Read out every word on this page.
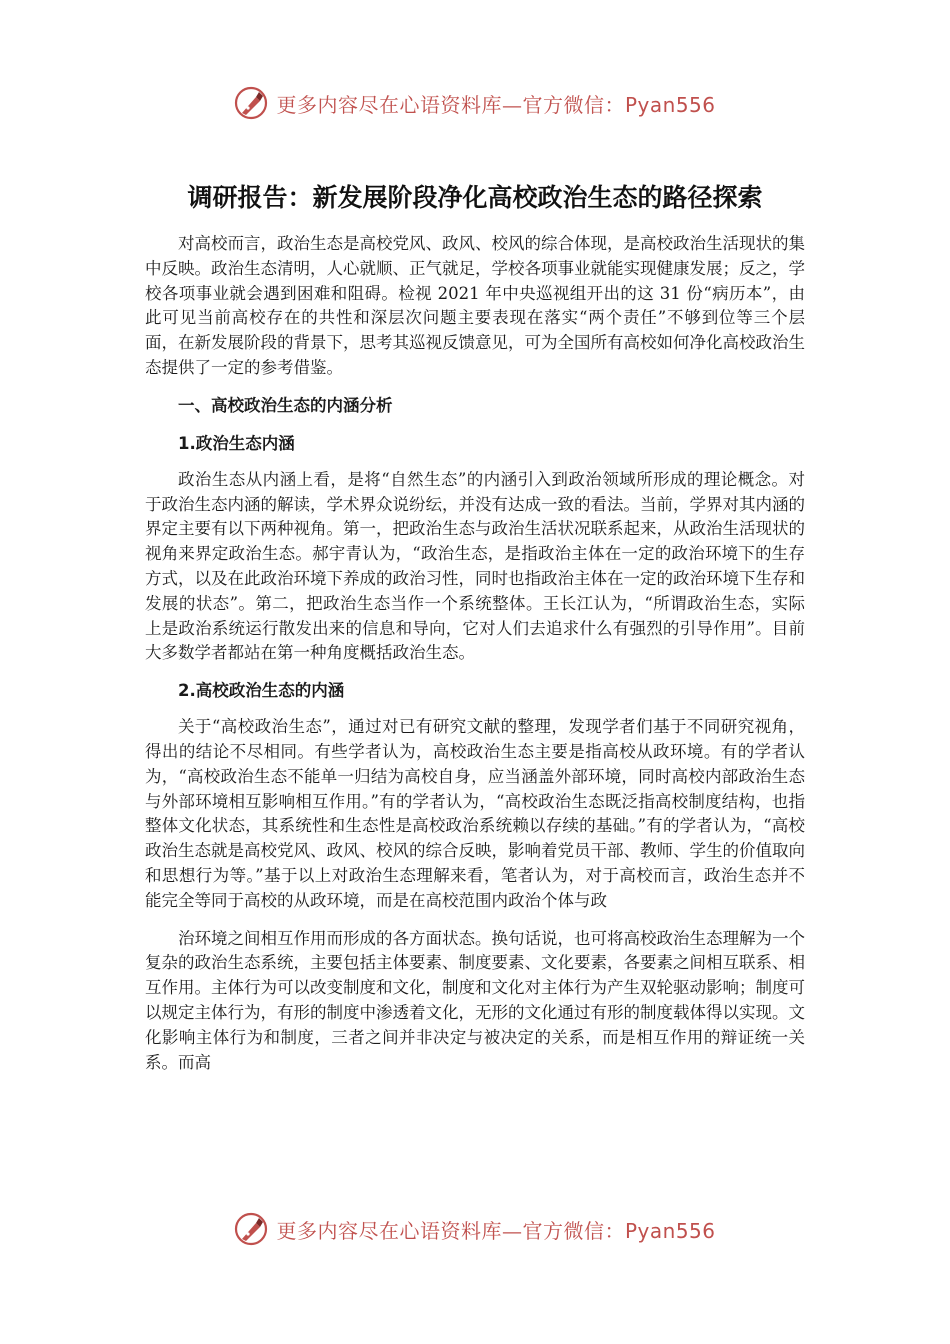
更多内容尽在心语资料库—官方微信：Pyan556
调研报告：新发展阶段净化高校政治生态的路径探索

对高校而言，政治生态是高校党风、政风、校风的综合体现，是高校政治生活现状的集中反映。政治生态清明，人心就顺、正气就足，学校各项事业就能实现健康发展；反之，学校各项事业就会遇到困难和阻碍。检视 2021 年中央巡视组开出的这 31 份“病历本”，由此可见当前高校存在的共性和深层次问题主要表现在落实“两个责任”不够到位等三个层面，在新发展阶段的背景下，思考其巡视反馈意见，可为全国所有高校如何净化高校政治生态提供了一定的参考借鉴。

一、高校政治生态的内涵分析

1.政治生态内涵

政治生态从内涵上看，是将“自然生态”的内涵引入到政治领域所形成的理论概念。对于政治生态内涵的解读，学术界众说纷纭，并没有达成一致的看法。当前，学界对其内涵的界定主要有以下两种视角。第一，把政治生态与政治生活状况联系起来，从政治生活现状的视角来界定政治生态。郝宇青认为，“政治生态，是指政治主体在一定的政治环境下的生存方式，以及在此政治环境下养成的政治习性，同时也指政治主体在一定的政治环境下生存和发展的状态”。第二，把政治生态当作一个系统整体。王长江认为，“所谓政治生态，实际上是政治系统运行散发出来的信息和导向，它对人们去追求什么有强烈的引导作用”。目前大多数学者都站在第一种角度概括政治生态。

2.高校政治生态的内涵

关于“高校政治生态”，通过对已有研究文献的整理，发现学者们基于不同研究视角，得出的结论不尽相同。有些学者认为，高校政治生态主要是指高校从政环境。有的学者认为，“高校政治生态不能单一归结为高校自身，应当涵盖外部环境，同时高校内部政治生态与外部环境相互影响相互作用。”有的学者认为，“高校政治生态既泛指高校制度结构，也指整体文化状态，其系统性和生态性是高校政治系统赖以存续的基础。”有的学者认为，“高校政治生态就是高校党风、政风、校风的综合反映，影响着党员干部、教师、学生的价值取向和思想行为等。”基于以上对政治生态理解来看，笔者认为，对于高校而言，政治生态并不能完全等同于高校的从政环境，而是在高校范围内政治个体与政

治环境之间相互作用而形成的各方面状态。换句话说，也可将高校政治生态理解为一个复杂的政治生态系统，主要包括主体要素、制度要素、文化要素，各要素之间相互联系、相互作用。主体行为可以改变制度和文化，制度和文化对主体行为产生双轮驱动影响；制度可以规定主体行为，有形的制度中渗透着文化，无形的文化通过有形的制度载体得以实现。文化影响主体行为和制度，三者之间并非决定与被决定的关系，而是相互作用的辩证统一关系。而高

更多内容尽在心语资料库—官方微信：Pyan556
